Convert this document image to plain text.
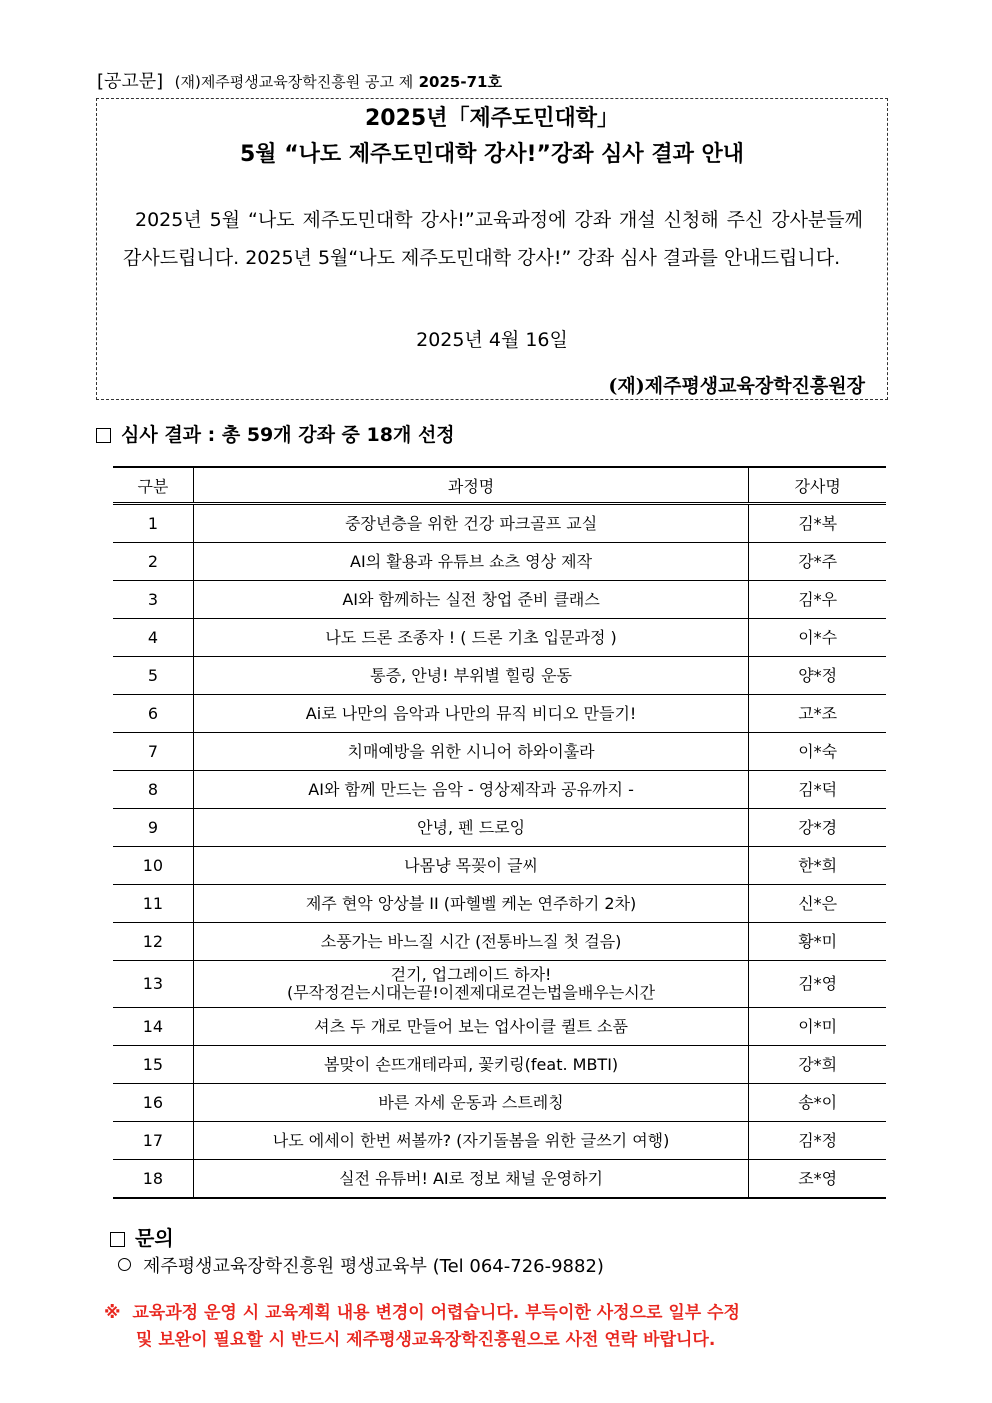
[공고문] (재)제주평생교육장학진흥원 공고 제 2025-71호
2025년「제주도민대학」
5월 “나도 제주도민대학 강사!”강좌 심사 결과 안내
2025년 5월 “나도 제주도민대학 강사!”교육과정에 강좌 개설 신청해 주신 강사분들께 감사드립니다. 2025년 5월“나도 제주도민대학 강사!” 강좌 심사 결과를 안내드립니다.
2025년 4월 16일
(재)제주평생교육장학진흥원장
심사 결과 : 총 59개 강좌 중 18개 선정
구분	과정명	강사명
1	중장년층을 위한 건강 파크골프 교실	김*복
2	AI의 활용과 유튜브 쇼츠 영상 제작	강*주
3	AI와 함께하는 실전 창업 준비 클래스	김*우
4	나도 드론 조종자 ! ( 드론 기초 입문과정 )	이*수
5	통증, 안녕! 부위별 힐링 운동	양*정
6	Ai로 나만의 음악과 나만의 뮤직 비디오 만들기!	고*조
7	치매예방을 위한 시니어 하와이훌라	이*숙
8	AI와 함께 만드는 음악 - 영상제작과 공유까지 -	김*덕
9	안녕, 펜 드로잉	강*경
10	나몸냥 목꽂이 글씨	한*희
11	제주 현악 앙상블 II (파헬벨 케논 연주하기 2차)	신*은
12	소풍가는 바느질 시간 (전통바느질 첫 걸음)	황*미
13	걷기, 업그레이드 하자!
(무작정걷는시대는끝!이젠제대로걷는법을배우는시간	김*영
14	셔츠 두 개로 만들어 보는 업사이클 퀼트 소품	이*미
15	봄맞이 손뜨개테라피, 꽃키링(feat. MBTI)	강*희
16	바른 자세 운동과 스트레칭	송*이
17	나도 에세이 한번 써볼까? (자기돌봄을 위한 글쓰기 여행)	김*정
18	실전 유튜버! AI로 정보 채널 운영하기	조*영
문의
제주평생교육장학진흥원 평생교육부 (Tel 064-726-9882)
※ 교육과정 운영 시 교육계획 내용 변경이 어렵습니다. 부득이한 사정으로 일부 수정
및 보완이 필요할 시 반드시 제주평생교육장학진흥원으로 사전 연락 바랍니다.
